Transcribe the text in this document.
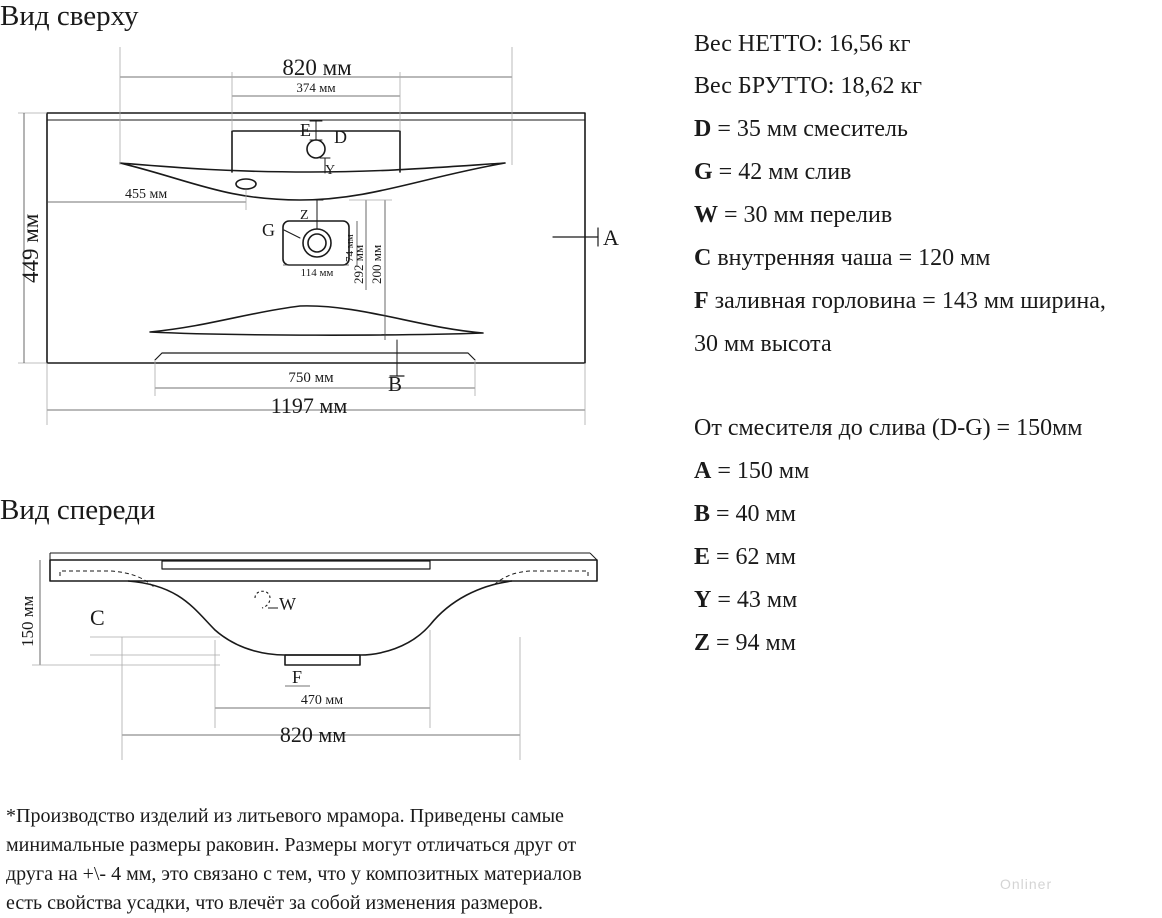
Вид сверху
Вид спереди
820 мм
374 мм
E D
Y
455 мм
Z
G
114 мм
74 мм
292 мм 200 мм
449 мм	A
750 мм	B
1197 мм
150 мм C
W
F
470 мм
820 мм
Вес НЕТТО: 16,56 кг
Вес БРУТТО: 18,62 кг
D = 35 мм смеситель
G = 42 мм слив
W = 30 мм перелив
C внутренняя чаша = 120 мм
F заливная горловина = 143 мм ширина,
30 мм высота
От смесителя до слива (D-G) = 150мм
A = 150 мм
B = 40 мм
E = 62 мм
Y = 43 мм
Z = 94 мм
*Производство изделий из литьевого мрамора. Приведены самые
минимальные размеры раковин. Размеры могут отличаться друг от
друга на +\- 4 мм, это связано с тем, что у композитных материалов
есть свойства усадки, что влечёт за собой изменения размеров.
Onliner
